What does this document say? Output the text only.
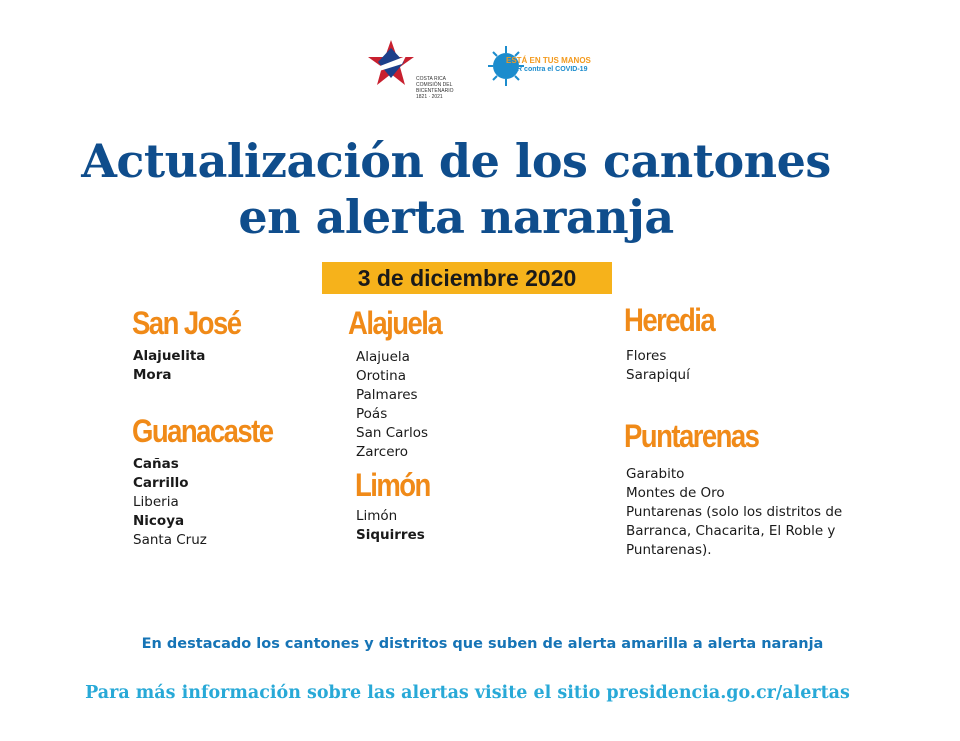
COSTA RICA
COMISIÓN DEL BICENTENARIO
1821 · 2021
ESTÁ EN TUS MANOS
CR contra el COVID-19
Actualización de los cantones
en alerta naranja
3 de diciembre 2020
San José
Alajuelita
Mora
Guanacaste
Cañas
Carrillo
Liberia
Nicoya
Santa Cruz
Alajuela
Alajuela
Orotina
Palmares
Poás
San Carlos
Zarcero
Limón
Limón
Siquirres
Heredia
Flores
Sarapiquí
Puntarenas
Garabito
Montes de Oro
Puntarenas (solo los distritos de Barranca, Chacarita, El Roble y Puntarenas).
En destacado los cantones y distritos que suben de alerta amarilla a alerta naranja
Para más información sobre las alertas visite el sitio presidencia.go.cr/alertas
